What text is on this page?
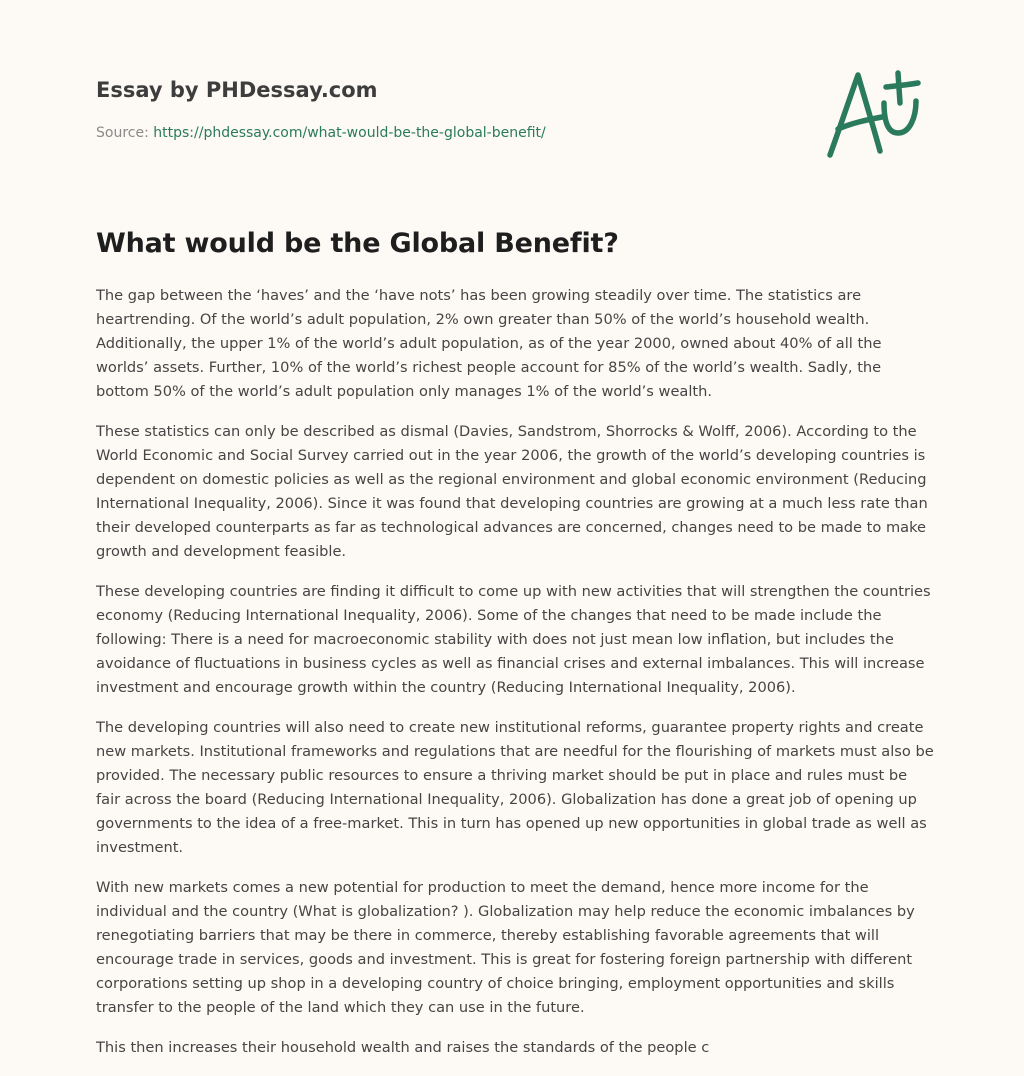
Essay by PHDessay.com

Source: https://phdessay.com/what-would-be-the-global-benefit/
What would be the Global Benefit?

The gap between the ‘haves’ and the ‘have nots’ has been growing steadily over time. The statistics are heartrending. Of the world’s adult population, 2% own greater than 50% of the world’s household wealth. Additionally, the upper 1% of the world’s adult population, as of the year 2000, owned about 40% of all the worlds’ assets. Further, 10% of the world’s richest people account for 85% of the world’s wealth. Sadly, the bottom 50% of the world’s adult population only manages 1% of the world’s wealth.

These statistics can only be described as dismal (Davies, Sandstrom, Shorrocks & Wolff, 2006). According to the World Economic and Social Survey carried out in the year 2006, the growth of the world’s developing countries is dependent on domestic policies as well as the regional environment and global economic environment (Reducing International Inequality, 2006). Since it was found that developing countries are growing at a much less rate than their developed counterparts as far as technological advances are concerned, changes need to be made to make growth and development feasible.

These developing countries are finding it difficult to come up with new activities that will strengthen the countries economy (Reducing International Inequality, 2006). Some of the changes that need to be made include the following: There is a need for macroeconomic stability with does not just mean low inflation, but includes the avoidance of fluctuations in business cycles as well as financial crises and external imbalances. This will increase investment and encourage growth within the country (Reducing International Inequality, 2006).

The developing countries will also need to create new institutional reforms, guarantee property rights and create new markets. Institutional frameworks and regulations that are needful for the flourishing of markets must also be provided. The necessary public resources to ensure a thriving market should be put in place and rules must be fair across the board (Reducing International Inequality, 2006). Globalization has done a great job of opening up governments to the idea of a free-market. This in turn has opened up new opportunities in global trade as well as investment.

With new markets comes a new potential for production to meet the demand, hence more income for the individual and the country (What is globalization? ). Globalization may help reduce the economic imbalances by renegotiating barriers that may be there in commerce, thereby establishing favorable agreements that will encourage trade in services, goods and investment. This is great for fostering foreign partnership with different corporations setting up shop in a developing country of choice bringing, employment opportunities and skills transfer to the people of the land which they can use in the future.

This then increases their household wealth and raises the standards of the people c
